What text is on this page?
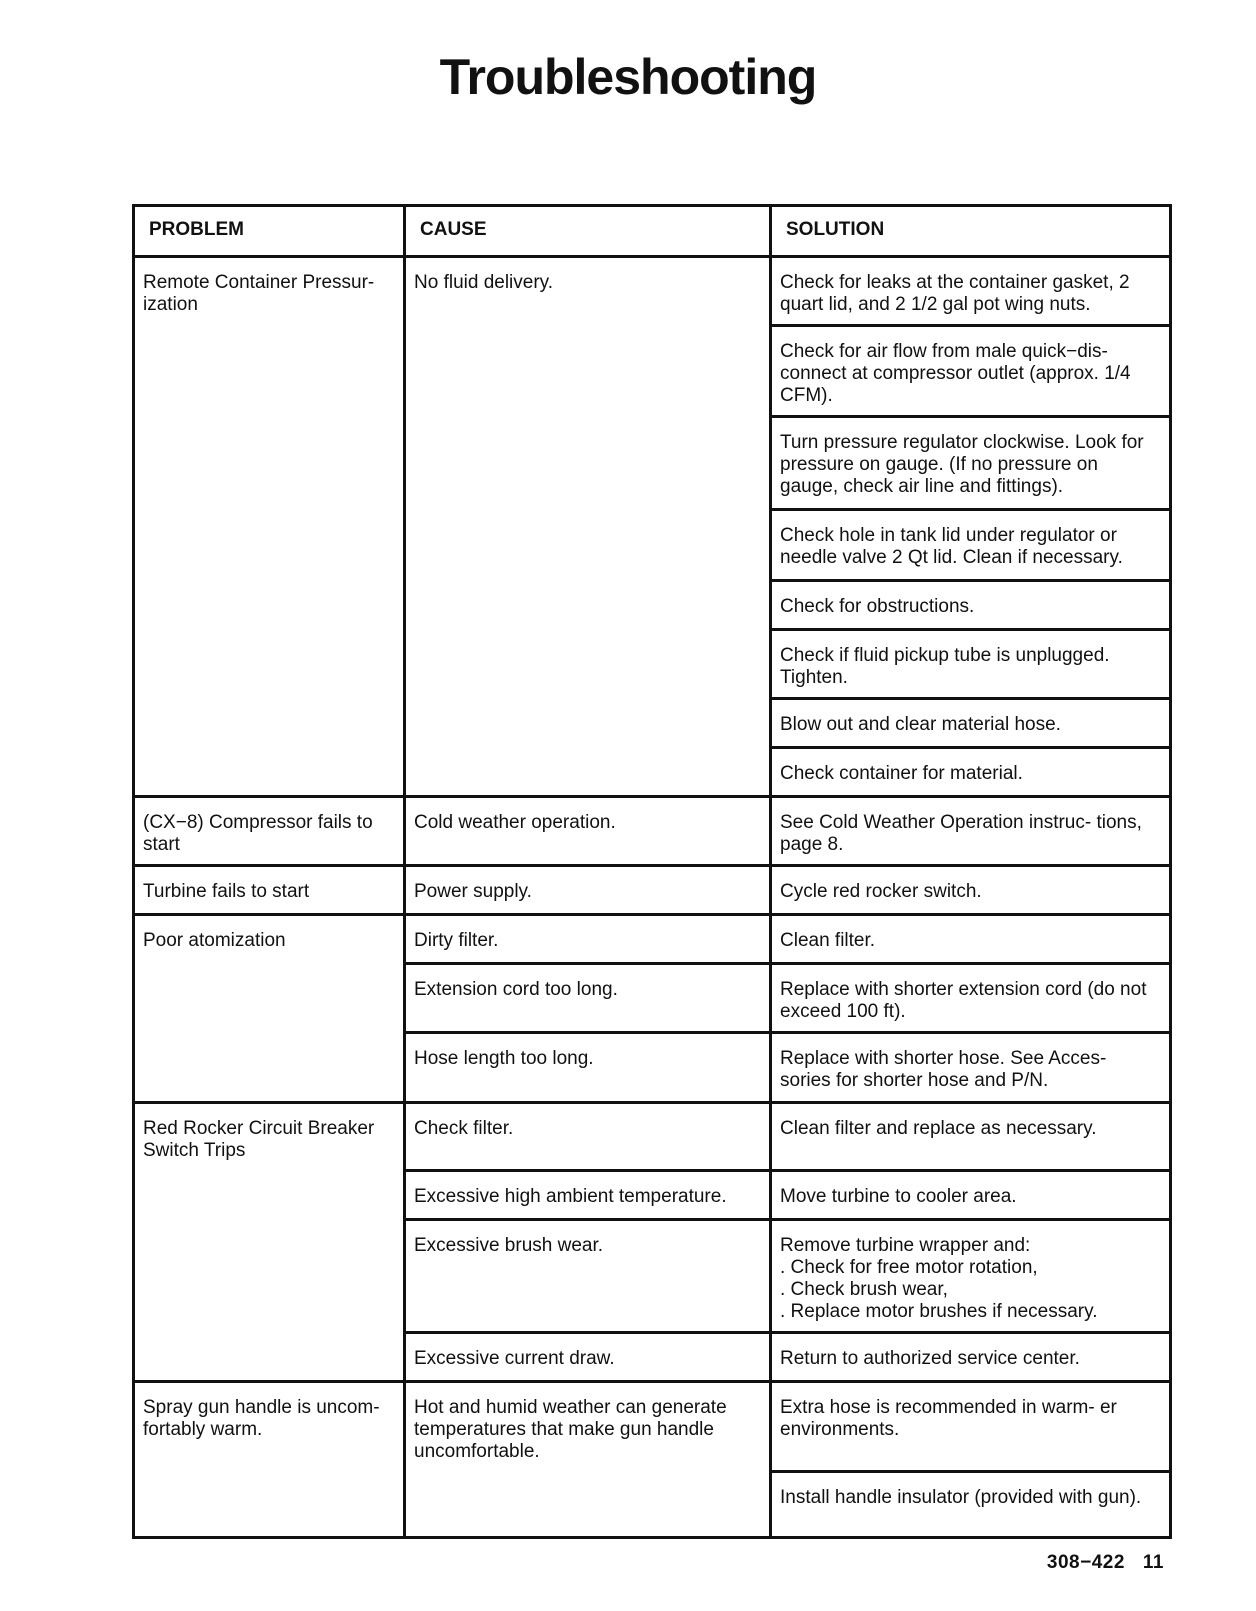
Troubleshooting
PROBLEM	CAUSE	SOLUTION
Remote Container Pressur- ization	No fluid delivery.	Check for leaks at the container gasket, 2 quart lid, and 2 1/2 gal pot wing nuts.
		Check for air flow from male quick−dis- connect at compressor outlet (approx. 1/4 CFM).
		Turn pressure regulator clockwise. Look for pressure on gauge. (If no pressure on gauge, check air line and fittings).
		Check hole in tank lid under regulator or needle valve 2 Qt lid. Clean if necessary.
		Check for obstructions.
		Check if fluid pickup tube is unplugged. Tighten.
		Blow out and clear material hose.
		Check container for material.
(CX−8) Compressor fails to start	Cold weather operation.	See Cold Weather Operation instruc- tions, page 8.
Turbine fails to start	Power supply.	Cycle red rocker switch.
Poor atomization	Dirty filter.	Clean filter.
	Extension cord too long.	Replace with shorter extension cord (do not exceed 100 ft).
	Hose length too long.	Replace with shorter hose. See Acces- sories for shorter hose and P/N.
Red Rocker Circuit Breaker Switch Trips	Check filter.	Clean filter and replace as necessary.
	Excessive high ambient temperature.	Move turbine to cooler area.
	Excessive brush wear.	Remove turbine wrapper and:
. Check for free motor rotation,
. Check brush wear,
. Replace motor brushes if necessary.

	Excessive current draw.	Return to authorized service center.
Spray gun handle is uncom- fortably warm.	Hot and humid weather can generate temperatures that make gun handle uncomfortable.	Extra hose is recommended in warm- er environments.
		Install handle insulator (provided with gun).
308−422 11
